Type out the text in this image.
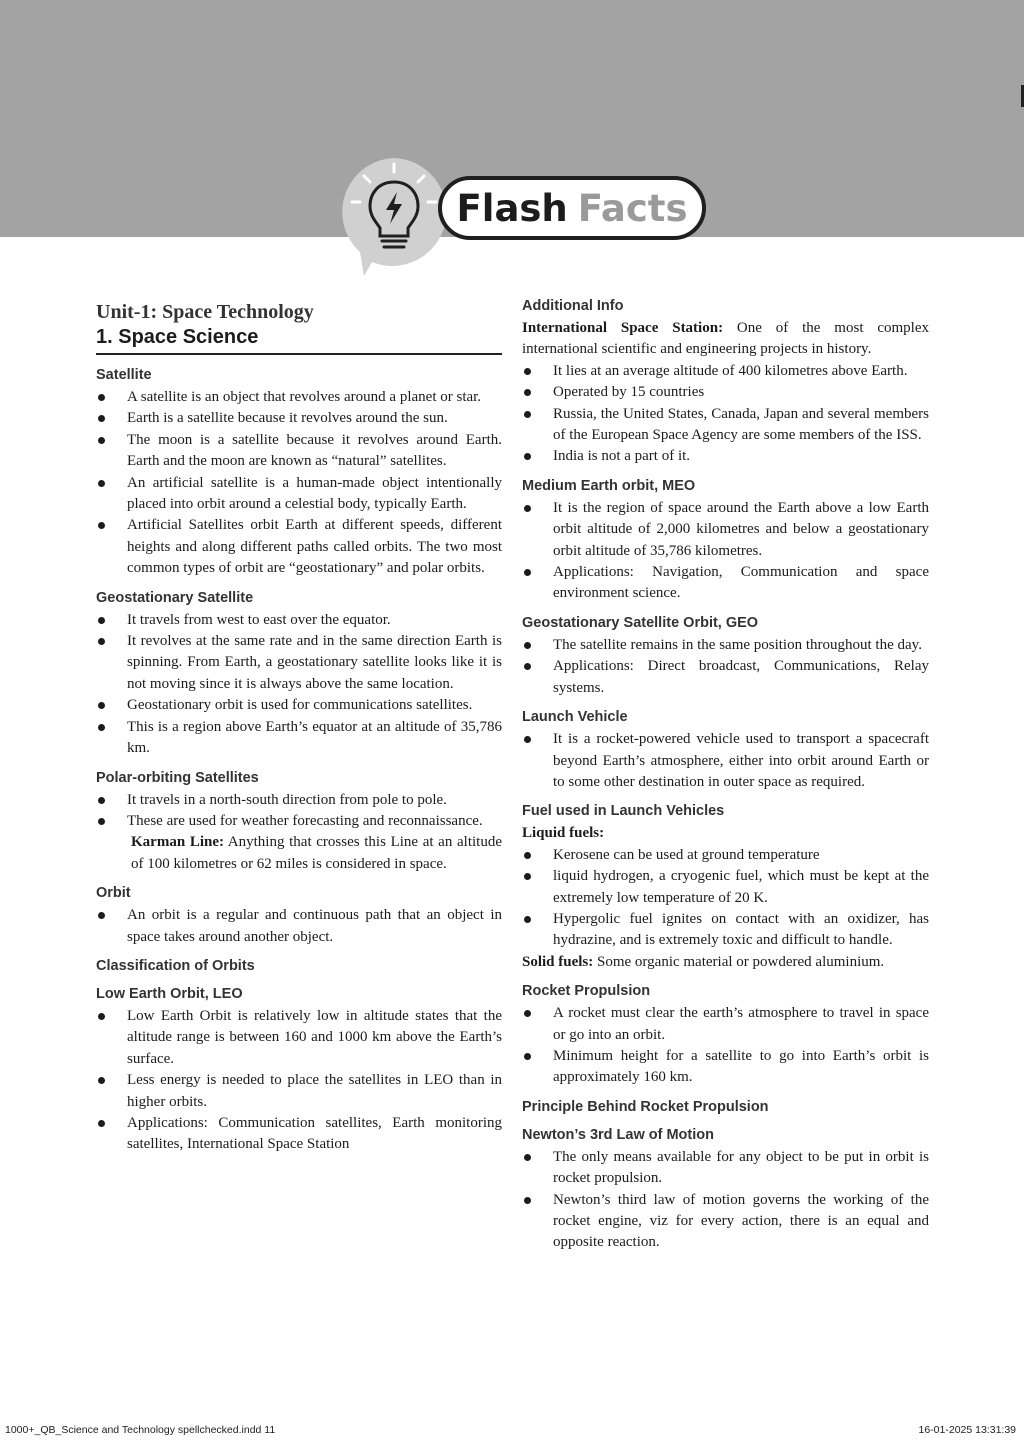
Flash Facts
Unit-1: Space Technology
1. Space Science
Satellite
A satellite is an object that revolves around a planet or star.
Earth is a satellite because it revolves around the sun.
The moon is a satellite because it revolves around Earth. Earth and the moon are known as “natural” satellites.
An artificial satellite is a human-made object intentionally placed into orbit around a celestial body, typically Earth.
Artificial Satellites orbit Earth at different speeds, different heights and along different paths called orbits. The two most common types of orbit are “geostationary” and polar orbits.
Geostationary Satellite
It travels from west to east over the equator.
It revolves at the same rate and in the same direction Earth is spinning. From Earth, a geostationary satellite looks like it is not moving since it is always above the same location.
Geostationary orbit is used for communications satellites.
This is a region above Earth’s equator at an altitude of 35,786 km.
Polar-orbiting Satellites
It travels in a north-south direction from pole to pole.
These are used for weather forecasting and reconnaissance.
Karman Line: Anything that crosses this Line at an altitude of 100 kilometres or 62 miles is considered in space.
Orbit
An orbit is a regular and continuous path that an object in space takes around another object.
Classification of Orbits
Low Earth Orbit, LEO
Low Earth Orbit is relatively low in altitude states that the altitude range is between 160 and 1000 km above the Earth’s surface.
Less energy is needed to place the satellites in LEO than in higher orbits.
Applications: Communication satellites, Earth monitoring satellites, International Space Station
Additional Info
International Space Station: One of the most complex international scientific and engineering projects in history.
It lies at an average altitude of 400 kilometres above Earth.
Operated by 15 countries
Russia, the United States, Canada, Japan and several members of the European Space Agency are some members of the ISS.
India is not a part of it.
Medium Earth orbit, MEO
It is the region of space around the Earth above a low Earth orbit altitude of 2,000 kilometres and below a geostationary orbit altitude of 35,786 kilometres.
Applications: Navigation, Communication and space environment science.
Geostationary Satellite Orbit, GEO
The satellite remains in the same position throughout the day.
Applications: Direct broadcast, Communications, Relay systems.
Launch Vehicle
It is a rocket-powered vehicle used to transport a spacecraft beyond Earth’s atmosphere, either into orbit around Earth or to some other destination in outer space as required.
Fuel used in Launch Vehicles
Liquid fuels:
Kerosene can be used at ground temperature
liquid hydrogen, a cryogenic fuel, which must be kept at the extremely low temperature of 20 K.
Hypergolic fuel ignites on contact with an oxidizer, has hydrazine, and is extremely toxic and difficult to handle.
Solid fuels: Some organic material or powdered aluminium.
Rocket Propulsion
A rocket must clear the earth’s atmosphere to travel in space or go into an orbit.
Minimum height for a satellite to go into Earth’s orbit is approximately 160 km.
Principle Behind Rocket Propulsion
Newton’s 3rd Law of Motion
The only means available for any object to be put in orbit is rocket propulsion.
Newton’s third law of motion governs the working of the rocket engine, viz for every action, there is an equal and opposite reaction.
1000+_QB_Science and Technology spellchecked.indd 11	16-01-2025 13:31:39
